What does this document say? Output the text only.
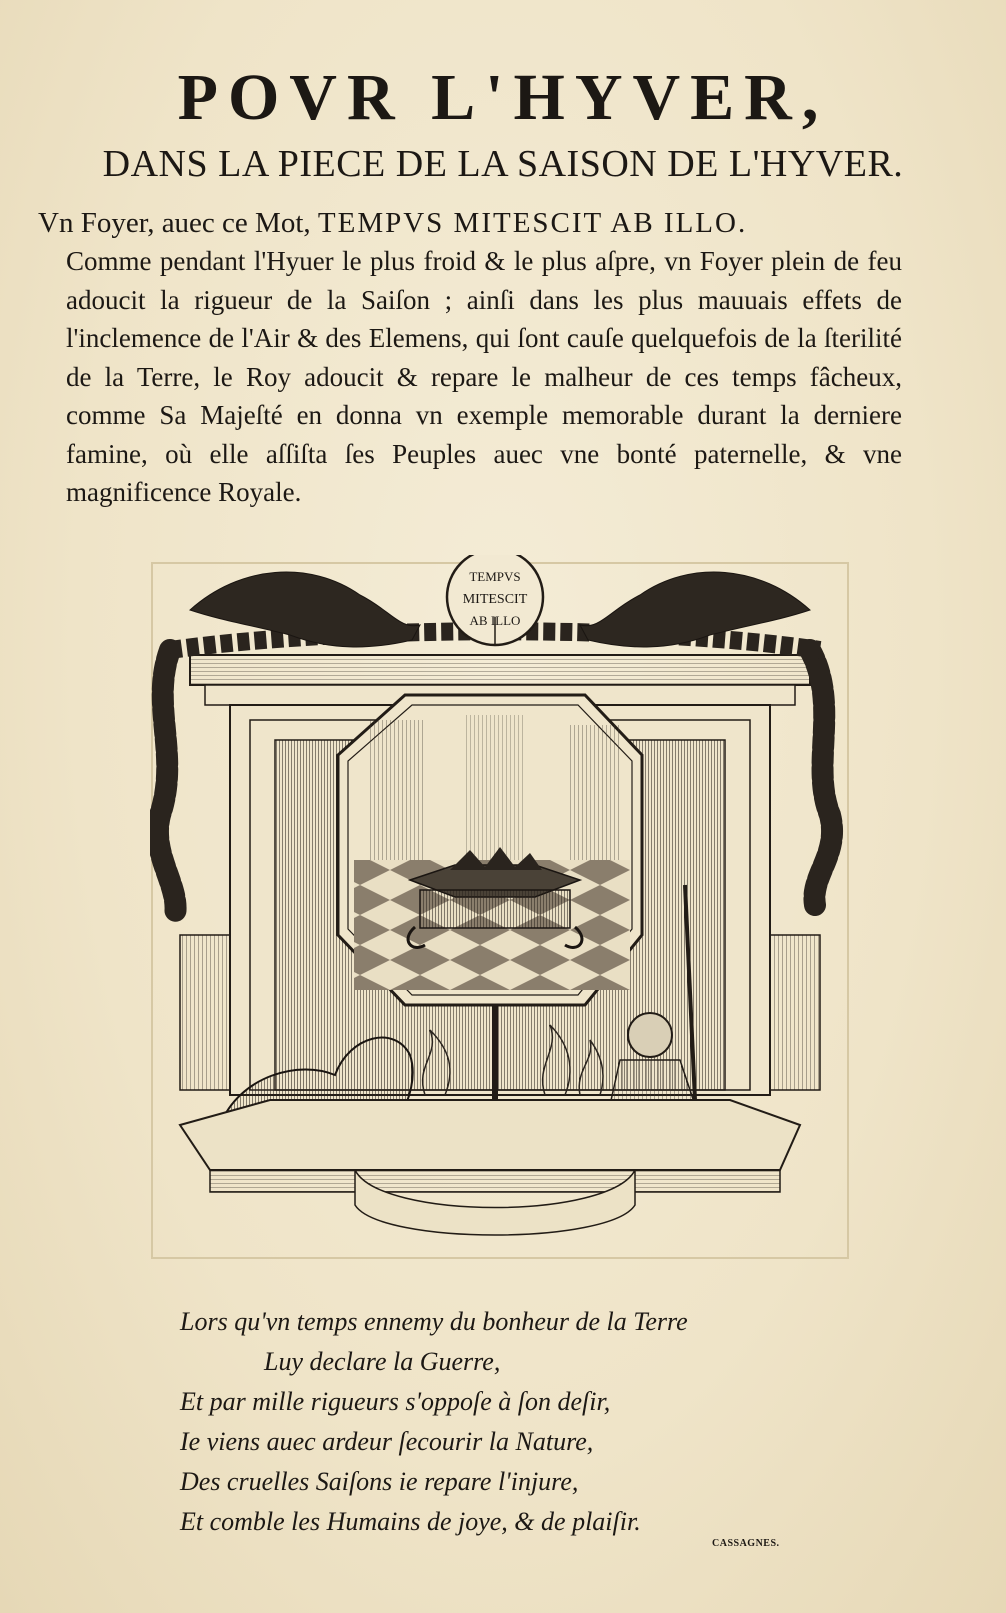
POVR L'HYVER,
DANS LA PIECE DE LA SAISON DE L'HYVER.
Vn Foyer, auec ce Mot, TEMPVS MITESCIT AB ILLO.
Comme pendant l'Hyuer le plus froid & le plus aſpre, vn Foyer plein de feu adoucit la rigueur de la Saiſon ; ainſi dans les plus mauuais effets de l'inclemence de l'Air & des Elemens, qui ſont cauſe quelquefois de la ſterilité de la Terre, le Roy adoucit & repare le malheur de ces temps fâcheux, comme Sa Majeſté en donna vn exemple memorable durant la derniere famine, où elle aſſiſta ſes Peuples auec vne bonté paternelle, & vne magnificence Royale.
TEMPVS
MITESCIT
AB ILLO
Lors qu'vn temps ennemy du bonheur de la Terre
Luy declare la Guerre,
Et par mille rigueurs s'oppoſe à ſon deſir,
Ie viens auec ardeur ſecourir la Nature,
Des cruelles Saiſons ie repare l'injure,
Et comble les Humains de joye, & de plaiſir.
CASSAGNES.
